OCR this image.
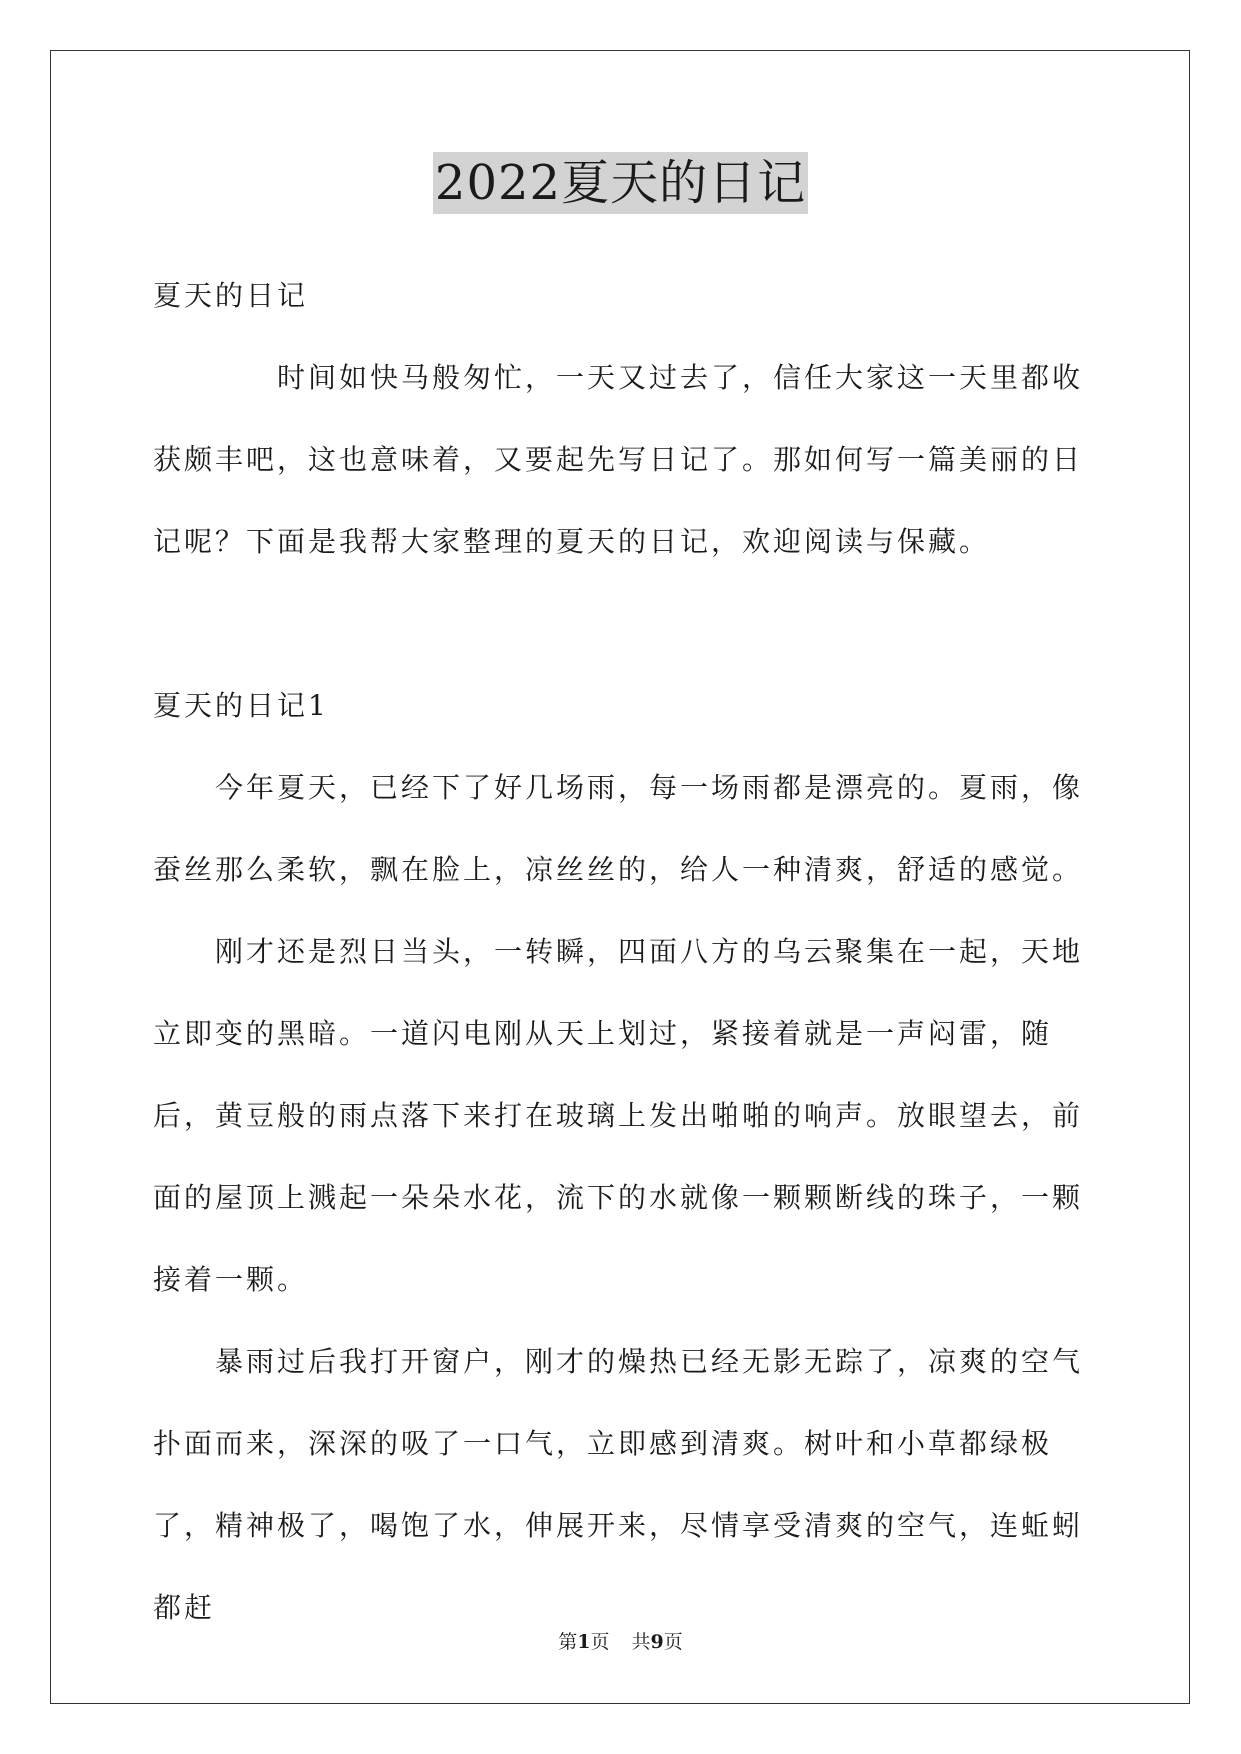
2022夏天的日记

夏天的日记

时间如快马般匆忙，一天又过去了，信任大家这一天里都收获颇丰吧，这也意味着，又要起先写日记了。那如何写一篇美丽的日记呢？下面是我帮大家整理的夏天的日记，欢迎阅读与保藏。

夏天的日记1

今年夏天，已经下了好几场雨，每一场雨都是漂亮的。夏雨，像蚕丝那么柔软，飘在脸上，凉丝丝的，给人一种清爽，舒适的感觉。

刚才还是烈日当头，一转瞬，四面八方的乌云聚集在一起，天地立即变的黑暗。一道闪电刚从天上划过，紧接着就是一声闷雷，随后，黄豆般的雨点落下来打在玻璃上发出啪啪的响声。放眼望去，前面的屋顶上溅起一朵朵水花，流下的水就像一颗颗断线的珠子，一颗接着一颗。

暴雨过后我打开窗户，刚才的燥热已经无影无踪了，凉爽的空气扑面而来，深深的吸了一口气，立即感到清爽。树叶和小草都绿极了，精神极了，喝饱了水，伸展开来，尽情享受清爽的空气，连蚯蚓都赶

第1页 共9页
